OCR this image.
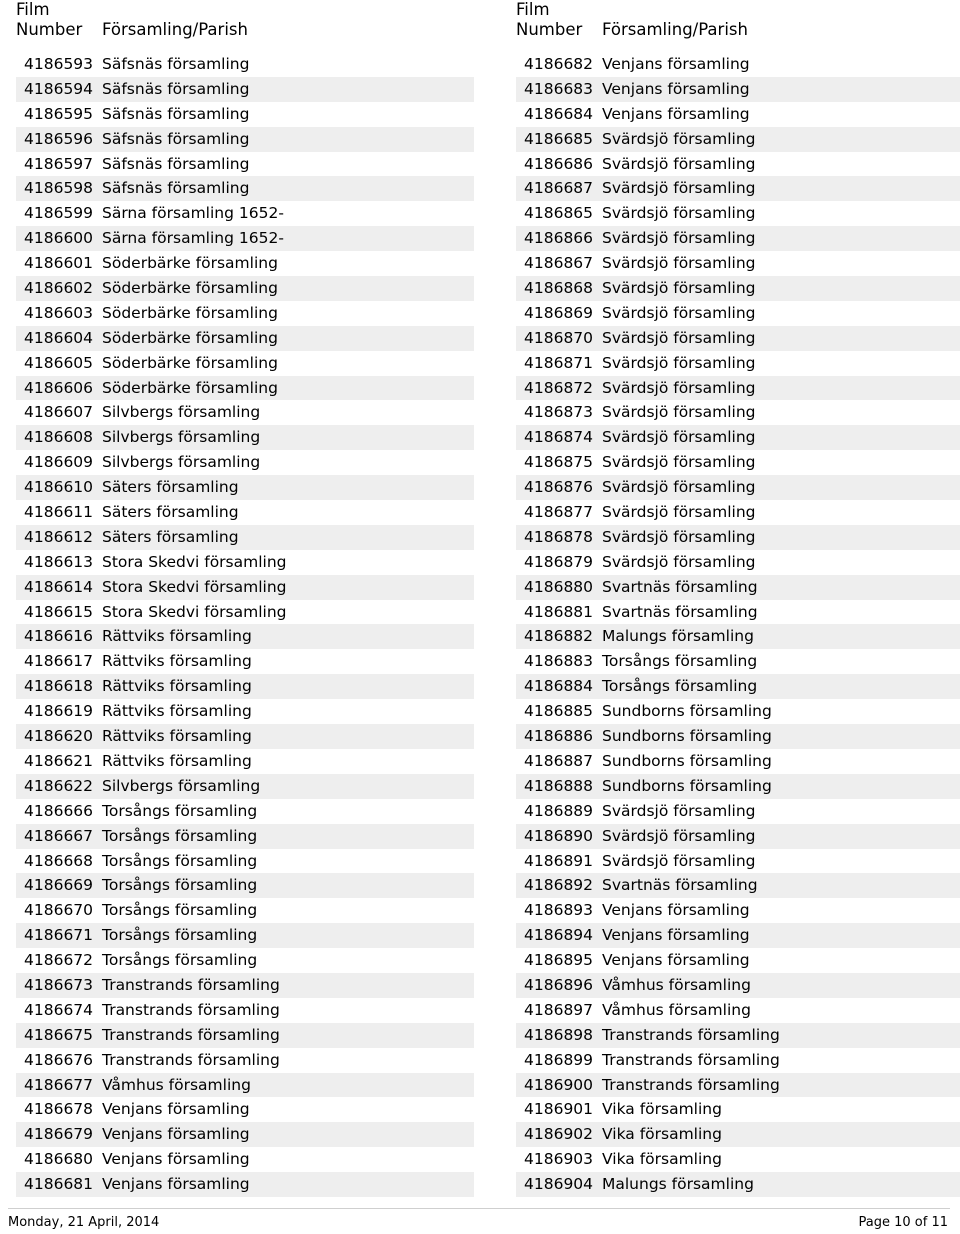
Film
Number	Församling/Parish
4186593 Säfsnäs församling
4186594 Säfsnäs församling
4186595 Säfsnäs församling
4186596 Säfsnäs församling
4186597 Säfsnäs församling
4186598 Säfsnäs församling
4186599 Särna församling 1652-
4186600 Särna församling 1652-
4186601 Söderbärke församling
4186602 Söderbärke församling
4186603 Söderbärke församling
4186604 Söderbärke församling
4186605 Söderbärke församling
4186606 Söderbärke församling
4186607 Silvbergs församling
4186608 Silvbergs församling
4186609 Silvbergs församling
4186610 Säters församling
4186611 Säters församling
4186612 Säters församling
4186613 Stora Skedvi församling
4186614 Stora Skedvi församling
4186615 Stora Skedvi församling
4186616 Rättviks församling
4186617 Rättviks församling
4186618 Rättviks församling
4186619 Rättviks församling
4186620 Rättviks församling
4186621 Rättviks församling
4186622 Silvbergs församling
4186666 Torsångs församling
4186667 Torsångs församling
4186668 Torsångs församling
4186669 Torsångs församling
4186670 Torsångs församling
4186671 Torsångs församling
4186672 Torsångs församling
4186673 Transtrands församling
4186674 Transtrands församling
4186675 Transtrands församling
4186676 Transtrands församling
4186677 Våmhus församling
4186678 Venjans församling
4186679 Venjans församling
4186680 Venjans församling
4186681 Venjans församling
Film
Number	Församling/Parish
4186682 Venjans församling
4186683 Venjans församling
4186684 Venjans församling
4186685 Svärdsjö församling
4186686 Svärdsjö församling
4186687 Svärdsjö församling
4186865 Svärdsjö församling
4186866 Svärdsjö församling
4186867 Svärdsjö församling
4186868 Svärdsjö församling
4186869 Svärdsjö församling
4186870 Svärdsjö församling
4186871 Svärdsjö församling
4186872 Svärdsjö församling
4186873 Svärdsjö församling
4186874 Svärdsjö församling
4186875 Svärdsjö församling
4186876 Svärdsjö församling
4186877 Svärdsjö församling
4186878 Svärdsjö församling
4186879 Svärdsjö församling
4186880 Svartnäs församling
4186881 Svartnäs församling
4186882 Malungs församling
4186883 Torsångs församling
4186884 Torsångs församling
4186885 Sundborns församling
4186886 Sundborns församling
4186887 Sundborns församling
4186888 Sundborns församling
4186889 Svärdsjö församling
4186890 Svärdsjö församling
4186891 Svärdsjö församling
4186892 Svartnäs församling
4186893 Venjans församling
4186894 Venjans församling
4186895 Venjans församling
4186896 Våmhus församling
4186897 Våmhus församling
4186898 Transtrands församling
4186899 Transtrands församling
4186900 Transtrands församling
4186901 Vika församling
4186902 Vika församling
4186903 Vika församling
4186904 Malungs församling
Monday, 21 April, 2014	Page 10 of 11
